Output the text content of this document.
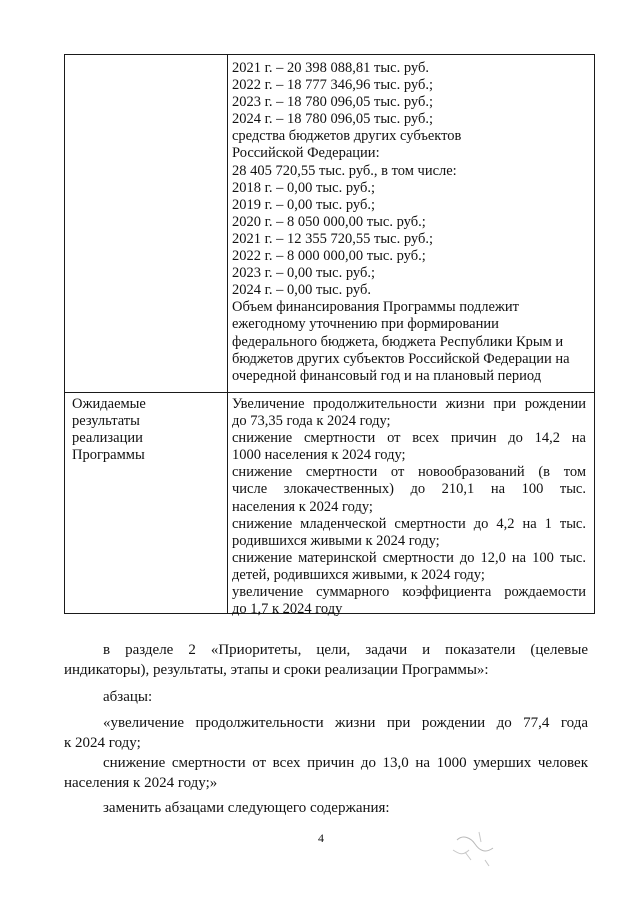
2021 г. – 20 398 088,81 тыс. руб.
2022 г. – 18 777 346,96 тыс. руб.;
2023 г. – 18 780 096,05 тыс. руб.;
2024 г. – 18 780 096,05 тыс. руб.;
средства бюджетов других субъектов
Российской Федерации:
28 405 720,55 тыс. руб., в том числе:
2018 г. – 0,00 тыс. руб.;
2019 г. – 0,00 тыс. руб.;
2020 г. – 8 050 000,00 тыс. руб.;
2021 г. – 12 355 720,55 тыс. руб.;
2022 г. – 8 000 000,00 тыс. руб.;
2023 г. – 0,00 тыс. руб.;
2024 г. – 0,00 тыс. руб.
Объем финансирования Программы подлежит
ежегодному уточнению при формировании
федерального бюджета, бюджета Республики Крым и
бюджетов других субъектов Российской Федерации на
очередной финансовый год и на плановый период
Ожидаемые
результаты
реализации
Программы
Увеличение продолжительности жизни при рождении
до 73,35 года к 2024 году;
снижение смертности от всех причин до 14,2 на
1000 населения к 2024 году;
снижение смертности от новообразований (в том
числе злокачественных) до 210,1 на 100 тыс.
населения к 2024 году;
снижение младенческой смертности до 4,2 на 1 тыс.
родившихся живыми к 2024 году;
снижение материнской смертности до 12,0 на 100 тыс.
детей, родившихся живыми, к 2024 году;
увеличение суммарного коэффициента рождаемости
до 1,7 к 2024 году
в разделе 2 «Приоритеты, цели, задачи и показатели (целевые
индикаторы), результаты, этапы и сроки реализации Программы»:
абзацы:
«увеличение продолжительности жизни при рождении до 77,4 года
к 2024 году;
снижение смертности от всех причин до 13,0 на 1000 умерших человек
населения к 2024 году;»
заменить абзацами следующего содержания:
4
